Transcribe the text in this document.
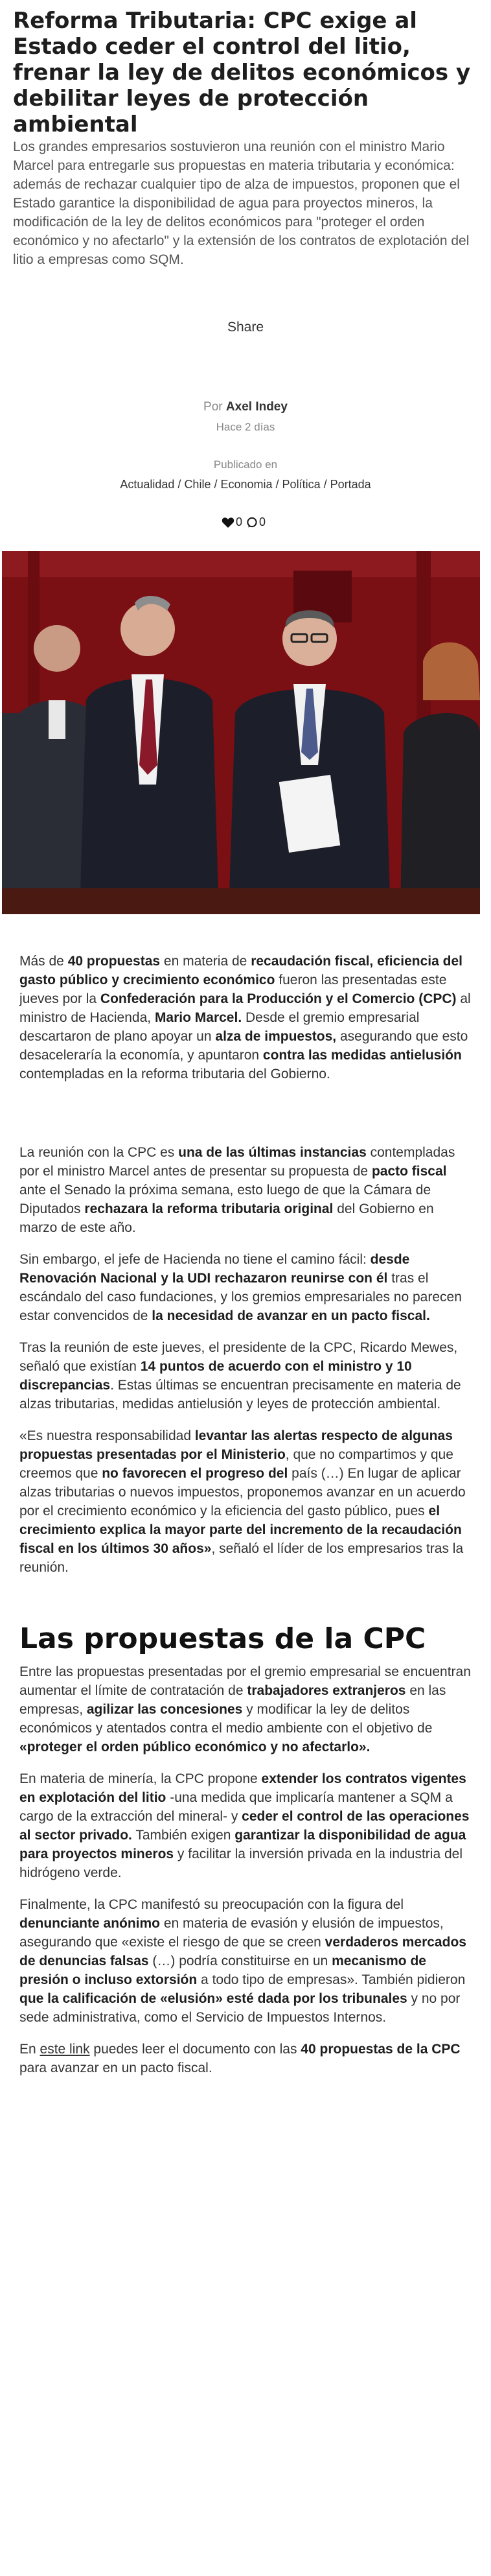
Reforma Tributaria: CPC exige al Estado ceder el control del litio, frenar la ley de delitos económicos y debilitar leyes de protección ambiental

Los grandes empresarios sostuvieron una reunión con el ministro Mario Marcel para entregarle sus propuestas en materia tributaria y económica: además de rechazar cualquier tipo de alza de impuestos, proponen que el Estado garantice la disponibilidad de agua para proyectos mineros, la modificación de la ley de delitos económicos para "proteger el orden económico y no afectarlo" y la extensión de los contratos de explotación del litio a empresas como SQM.

Share
Por Axel Indey
Hace 2 días
Publicado en
Actualidad / Chile / Economia / Política / Portada
0 0

Más de 40 propuestas en materia de recaudación fiscal, eficiencia del gasto público y crecimiento económico fueron las presentadas este jueves por la Confederación para la Producción y el Comercio (CPC) al ministro de Hacienda, Mario Marcel. Desde el gremio empresarial descartaron de plano apoyar un alza de impuestos, asegurando que esto desaceleraría la economía, y apuntaron contra las medidas antielusión contempladas en la reforma tributaria del Gobierno.

La reunión con la CPC es una de las últimas instancias contempladas por el ministro Marcel antes de presentar su propuesta de pacto fiscal ante el Senado la próxima semana, esto luego de que la Cámara de Diputados rechazara la reforma tributaria original del Gobierno en marzo de este año.

Sin embargo, el jefe de Hacienda no tiene el camino fácil: desde Renovación Nacional y la UDI rechazaron reunirse con él tras el escándalo del caso fundaciones, y los gremios empresariales no parecen estar convencidos de la necesidad de avanzar en un pacto fiscal.

Tras la reunión de este jueves, el presidente de la CPC, Ricardo Mewes, señaló que existían 14 puntos de acuerdo con el ministro y 10 discrepancias. Estas últimas se encuentran precisamente en materia de alzas tributarias, medidas antielusión y leyes de protección ambiental.

«Es nuestra responsabilidad levantar las alertas respecto de algunas propuestas presentadas por el Ministerio, que no compartimos y que creemos que no favorecen el progreso del país (…) En lugar de aplicar alzas tributarias o nuevos impuestos, proponemos avanzar en un acuerdo por el crecimiento económico y la eficiencia del gasto público, pues el crecimiento explica la mayor parte del incremento de la recaudación fiscal en los últimos 30 años», señaló el líder de los empresarios tras la reunión.

Las propuestas de la CPC

Entre las propuestas presentadas por el gremio empresarial se encuentran aumentar el límite de contratación de trabajadores extranjeros en las empresas, agilizar las concesiones y modificar la ley de delitos económicos y atentados contra el medio ambiente con el objetivo de «proteger el orden público económico y no afectarlo».

En materia de minería, la CPC propone extender los contratos vigentes en explotación del litio -una medida que implicaría mantener a SQM a cargo de la extracción del mineral- y ceder el control de las operaciones al sector privado. También exigen garantizar la disponibilidad de agua para proyectos mineros y facilitar la inversión privada en la industria del hidrógeno verde.

Finalmente, la CPC manifestó su preocupación con la figura del denunciante anónimo en materia de evasión y elusión de impuestos, asegurando que «existe el riesgo de que se creen verdaderos mercados de denuncias falsas (…) podría constituirse en un mecanismo de presión o incluso extorsión a todo tipo de empresas». También pidieron que la calificación de «elusión» esté dada por los tribunales y no por sede administrativa, como el Servicio de Impuestos Internos.

En este link puedes leer el documento con las 40 propuestas de la CPC para avanzar en un pacto fiscal.
